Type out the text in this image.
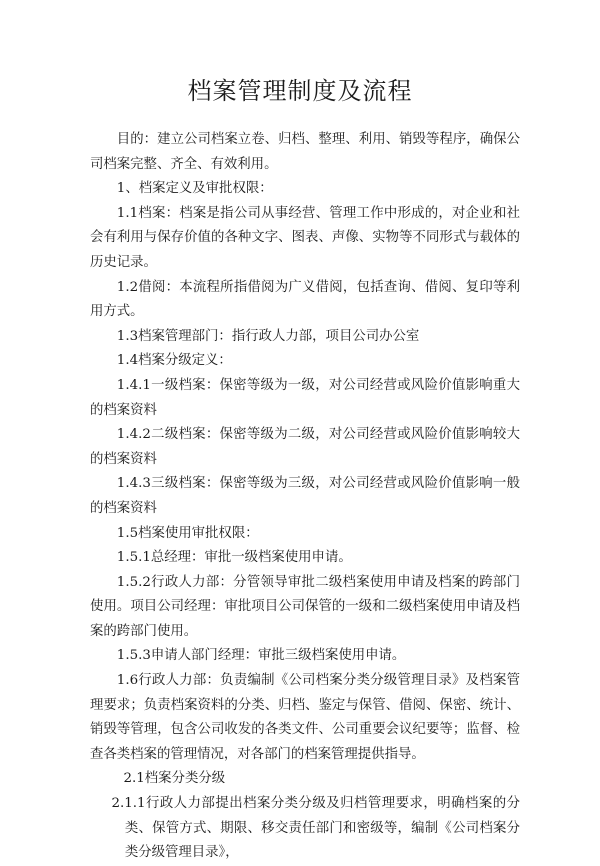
档案管理制度及流程

目的：建立公司档案立卷、归档、整理、利用、销毁等程序，确保公司档案完整、齐全、有效利用。

1、档案定义及审批权限：

1.1档案：档案是指公司从事经营、管理工作中形成的，对企业和社会有利用与保存价值的各种文字、图表、声像、实物等不同形式与载体的历史记录。

1.2借阅：本流程所指借阅为广义借阅，包括查询、借阅、复印等利用方式。

1.3档案管理部门：指行政人力部，项目公司办公室

1.4档案分级定义：

1.4.1一级档案：保密等级为一级，对公司经营或风险价值影响重大的档案资料

1.4.2二级档案：保密等级为二级，对公司经营或风险价值影响较大的档案资料

1.4.3三级档案：保密等级为三级，对公司经营或风险价值影响一般的档案资料

1.5档案使用审批权限：

1.5.1总经理：审批一级档案使用申请。

1.5.2行政人力部：分管领导审批二级档案使用申请及档案的跨部门使用。项目公司经理：审批项目公司保管的一级和二级档案使用申请及档案的跨部门使用。

1.5.3申请人部门经理：审批三级档案使用申请。

1.6行政人力部：负责编制《公司档案分类分级管理目录》及档案管理要求；负责档案资料的分类、归档、鉴定与保管、借阅、保密、统计、销毁等管理，包含公司收发的各类文件、公司重要会议纪要等；监督、检查各类档案的管理情况，对各部门的档案管理提供指导。

2.1档案分类分级

2.1.1行政人力部提出档案分类分级及归档管理要求，明确档案的分类、保管方式、期限、移交责任部门和密级等，编制《公司档案分类分级管理目录》，
